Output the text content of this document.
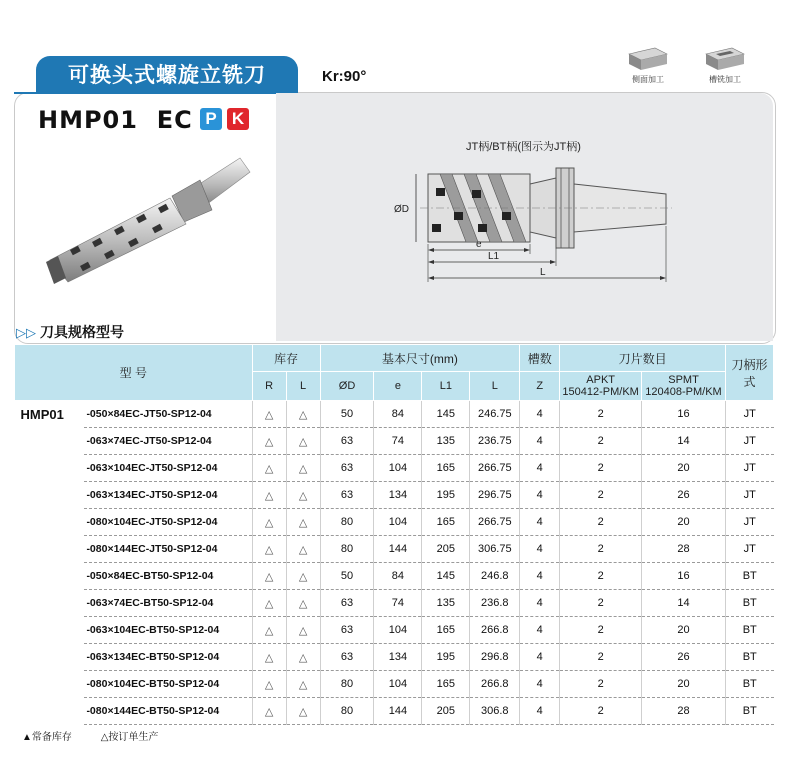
可换头式螺旋立铣刀	Kr:90°	侧面加工	槽铣加工
HMP01 EC P K
JT柄/BT柄(图示为JT柄)
ØD
e
L1
L
▷▷ 刀具规格型号
型 号		库存		基本尺寸(mm)				槽数	刀片数目		刀柄形式
		R	L	ØD	e	L1	L	Z	APKT
150412-PM/KM	SPMT
120408-PM/KM	
HMP01	-050×84EC-JT50-SP12-04	△	△	50	84	145	246.75	4	2	16	JT
	-063×74EC-JT50-SP12-04	△	△	63	74	135	236.75	4	2	14	JT
	-063×104EC-JT50-SP12-04	△	△	63	104	165	266.75	4	2	20	JT
	-063×134EC-JT50-SP12-04	△	△	63	134	195	296.75	4	2	26	JT
	-080×104EC-JT50-SP12-04	△	△	80	104	165	266.75	4	2	20	JT
	-080×144EC-JT50-SP12-04	△	△	80	144	205	306.75	4	2	28	JT
	-050×84EC-BT50-SP12-04	△	△	50	84	145	246.8	4	2	16	BT
	-063×74EC-BT50-SP12-04	△	△	63	74	135	236.8	4	2	14	BT
	-063×104EC-BT50-SP12-04	△	△	63	104	165	266.8	4	2	20	BT
	-063×134EC-BT50-SP12-04	△	△	63	134	195	296.8	4	2	26	BT
	-080×104EC-BT50-SP12-04	△	△	80	104	165	266.8	4	2	20	BT
	-080×144EC-BT50-SP12-04	△	△	80	144	205	306.8	4	2	28	BT
▲常备库存	△按订单生产
